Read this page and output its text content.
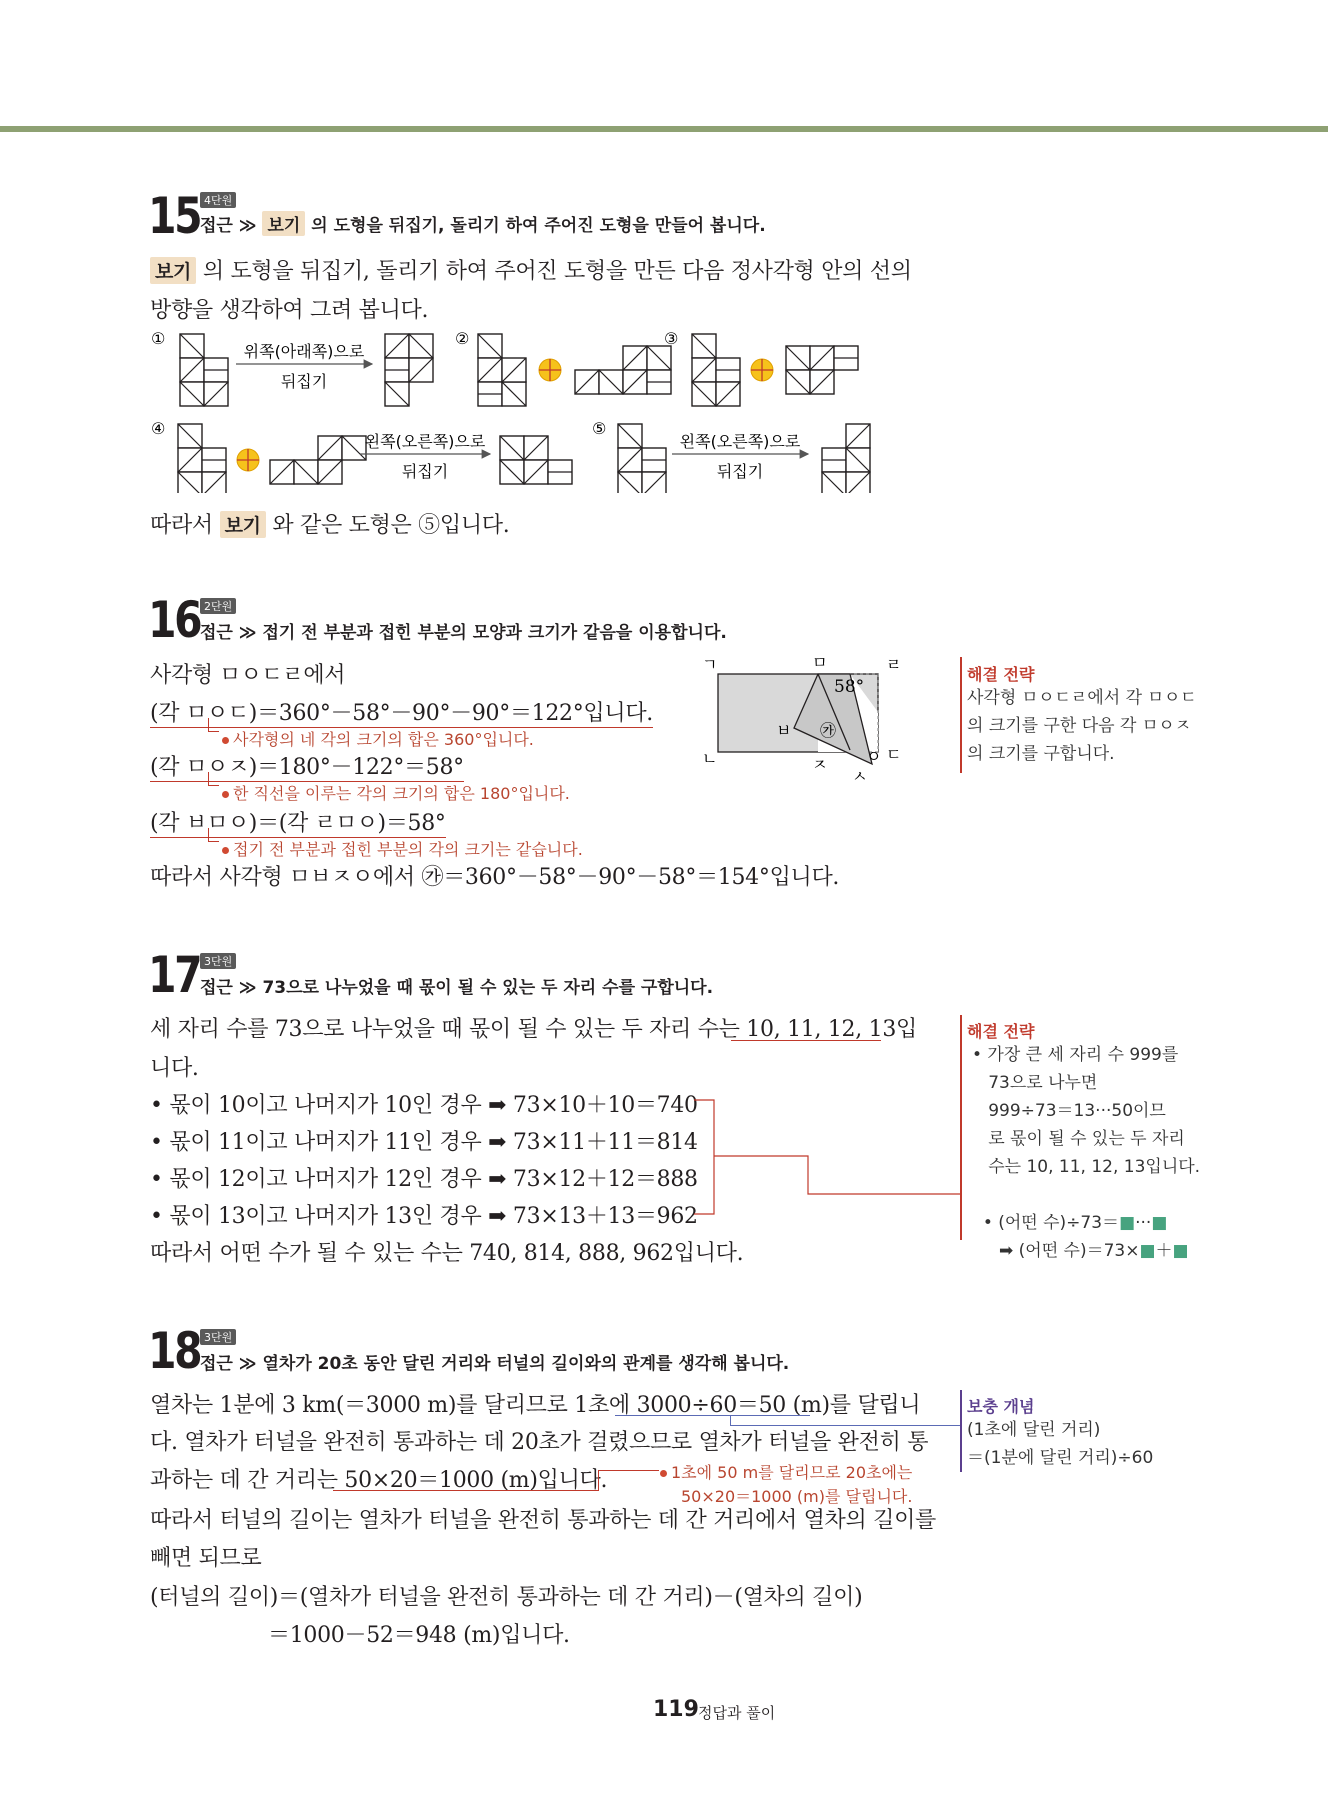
15 4단원
접근 ≫ 보기 의 도형을 뒤집기, 돌리기 하여 주어진 도형을 만들어 봅니다.
보기 의 도형을 뒤집기, 돌리기 하여 주어진 도형을 만든 다음 정사각형 안의 선의
방향을 생각하여 그려 봅니다.
①
위쪽(아래쪽)으로
뒤집기
②	③
④
왼쪽(오른쪽)으로
뒤집기
⑤
왼쪽(오른쪽)으로
뒤집기
따라서 보기 와 같은 도형은 ⑤입니다.
16 2단원
접근 ≫ 접기 전 부분과 접힌 부분의 모양과 크기가 같음을 이용합니다.
사각형 ㅁㅇㄷㄹ에서
(각 ㅁㅇㄷ)＝360°－58°－90°－90°＝122°입니다.
사각형의 네 각의 크기의 합은 360°입니다.
(각 ㅁㅇㅈ)＝180°－122°＝58°
한 직선을 이루는 각의 크기의 합은 180°입니다.
(각 ㅂㅁㅇ)＝(각 ㄹㅁㅇ)＝58°
접기 전 부분과 접힌 부분의 각의 크기는 같습니다.
따라서 사각형 ㅁㅂㅈㅇ에서 ㉮＝360°－58°－90°－58°＝154°입니다.
ㄱ	ㅁ	ㄹ
58°
ㅂ ㉮
ㄴ	ㅈ ㅇ ㄷ
ㅅ
해결 전략
사각형 ㅁㅇㄷㄹ에서 각 ㅁㅇㄷ
의 크기를 구한 다음 각 ㅁㅇㅈ
의 크기를 구합니다.
17 3단원
접근 ≫ 73으로 나누었을 때 몫이 될 수 있는 두 자리 수를 구합니다.
세 자리 수를 73으로 나누었을 때 몫이 될 수 있는 두 자리 수는 10, 11, 12, 13입
니다.
• 몫이 10이고 나머지가 10인 경우 ➡ 73×10＋10＝740
• 몫이 11이고 나머지가 11인 경우 ➡ 73×11＋11＝814
• 몫이 12이고 나머지가 12인 경우 ➡ 73×12＋12＝888
• 몫이 13이고 나머지가 13인 경우 ➡ 73×13＋13＝962
따라서 어떤 수가 될 수 있는 수는 740, 814, 888, 962입니다.
해결 전략
• 가장 큰 세 자리 수 999를
73으로 나누면
999÷73＝13···50이므
로 몫이 될 수 있는 두 자리
수는 10, 11, 12, 13입니다.

• (어떤 수)÷73＝■···■

➡ (어떤 수)＝73×■＋■

18 3단원
접근 ≫ 열차가 20초 동안 달린 거리와 터널의 길이와의 관계를 생각해 봅니다.
열차는 1분에 3 km(＝3000 m)를 달리므로 1초에 3000÷60＝50 (m)를 달립니
다. 열차가 터널을 완전히 통과하는 데 20초가 걸렸으므로 열차가 터널을 완전히 통
과하는 데 간 거리는 50×20＝1000 (m)입니다.	1초에 50 m를 달리므로 20초에는
50×20＝1000 (m)를 달립니다.
따라서 터널의 길이는 열차가 터널을 완전히 통과하는 데 간 거리에서 열차의 길이를
빼면 되므로
(터널의 길이)＝(열차가 터널을 완전히 통과하는 데 간 거리)－(열차의 길이)
＝1000－52＝948 (m)입니다.
보충 개념
(1초에 달린 거리)
＝(1분에 달린 거리)÷60
119 정답과 풀이
